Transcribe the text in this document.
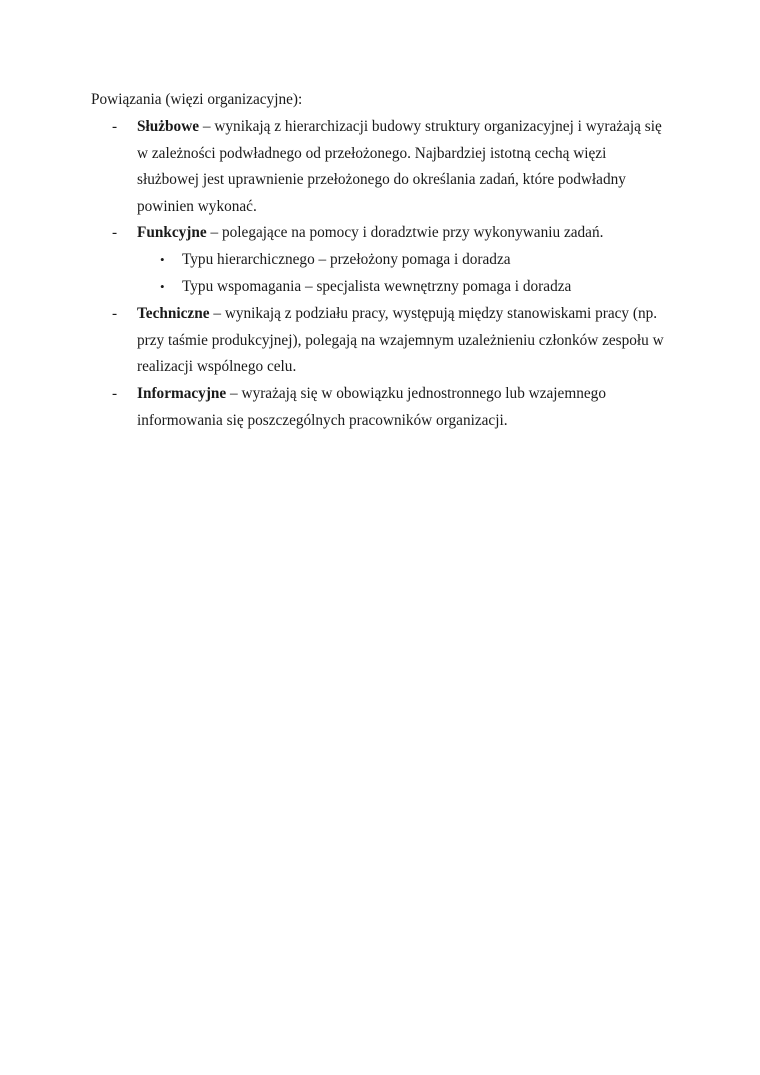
Powiązania (więzi organizacyjne):
- Służbowe – wynikają z hierarchizacji budowy struktury organizacyjnej i wyrażają się w zależności podwładnego od przełożonego. Najbardziej istotną cechą więzi służbowej jest uprawnienie przełożonego do określania zadań, które podwładny powinien wykonać.
- Funkcyjne – polegające na pomocy i doradztwie przy wykonywaniu zadań.
• Typu hierarchicznego – przełożony pomaga i doradza
• Typu wspomagania – specjalista wewnętrzny pomaga i doradza
- Techniczne – wynikają z podziału pracy, występują między stanowiskami pracy (np. przy taśmie produkcyjnej), polegają na wzajemnym uzależnieniu członków zespołu w realizacji wspólnego celu.
- Informacyjne – wyrażają się w obowiązku jednostronnego lub wzajemnego informowania się poszczególnych pracowników organizacji.
